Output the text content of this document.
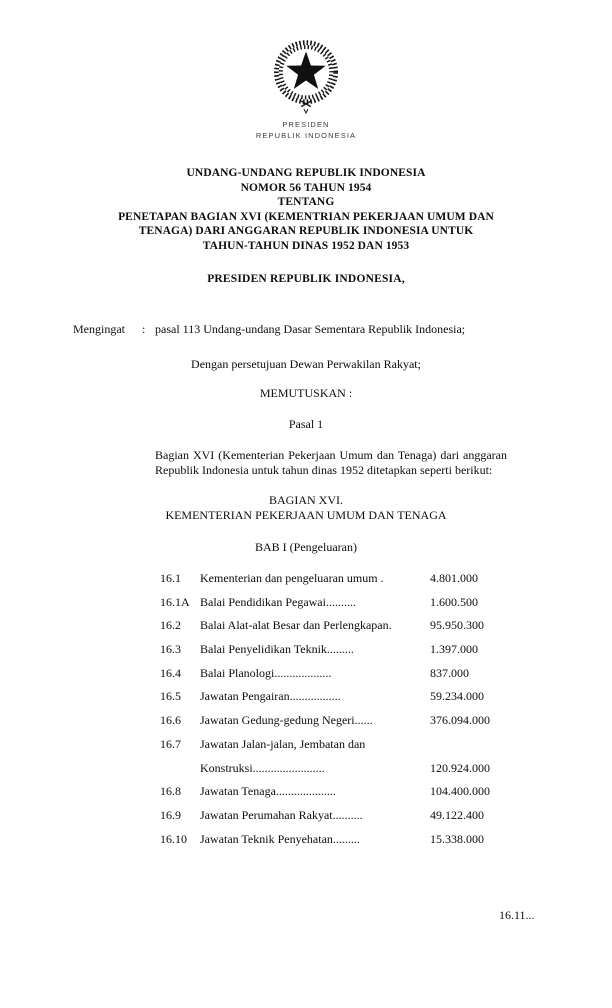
PRESIDEN
REPUBLIK INDONESIA
UNDANG-UNDANG REPUBLIK INDONESIA
NOMOR 56 TAHUN 1954
TENTANG
PENETAPAN BAGIAN XVI (KEMENTRIAN PEKERJAAN UMUM DAN
TENAGA) DARI ANGGARAN REPUBLIK INDONESIA UNTUK
TAHUN-TAHUN DINAS 1952 DAN 1953
PRESIDEN REPUBLIK INDONESIA,
Mengingat	: pasal 113 Undang-undang Dasar Sementara Republik Indonesia;
Dengan persetujuan Dewan Perwakilan Rakyat;
MEMUTUSKAN :
Pasal 1
Bagian XVI (Kementerian Pekerjaan Umum dan Tenaga) dari anggaran Republik Indonesia untuk tahun dinas 1952 ditetapkan seperti berikut:
BAGIAN XVI.
KEMENTERIAN PEKERJAAN UMUM DAN TENAGA
BAB I (Pengeluaran)
16.1	Kementerian dan pengeluaran umum .	4.801.000
16.1A Balai Pendidikan Pegawai..........	1.600.500
16.2	Balai Alat-alat Besar dan Perlengkapan.	95.950.300
16.3	Balai Penyelidikan Teknik.........	1.397.000
16.4	Balai Planologi...................	837.000
16.5	Jawatan Pengairan.................	59.234.000
16.6	Jawatan Gedung-gedung Negeri......	376.094.000
16.7	Jawatan Jalan-jalan, Jembatan dan
Konstruksi........................	120.924.000
16.8	Jawatan Tenaga....................	104.400.000
16.9	Jawatan Perumahan Rakyat..........	49.122.400
16.10	Jawatan Teknik Penyehatan.........	15.338.000
16.11...
